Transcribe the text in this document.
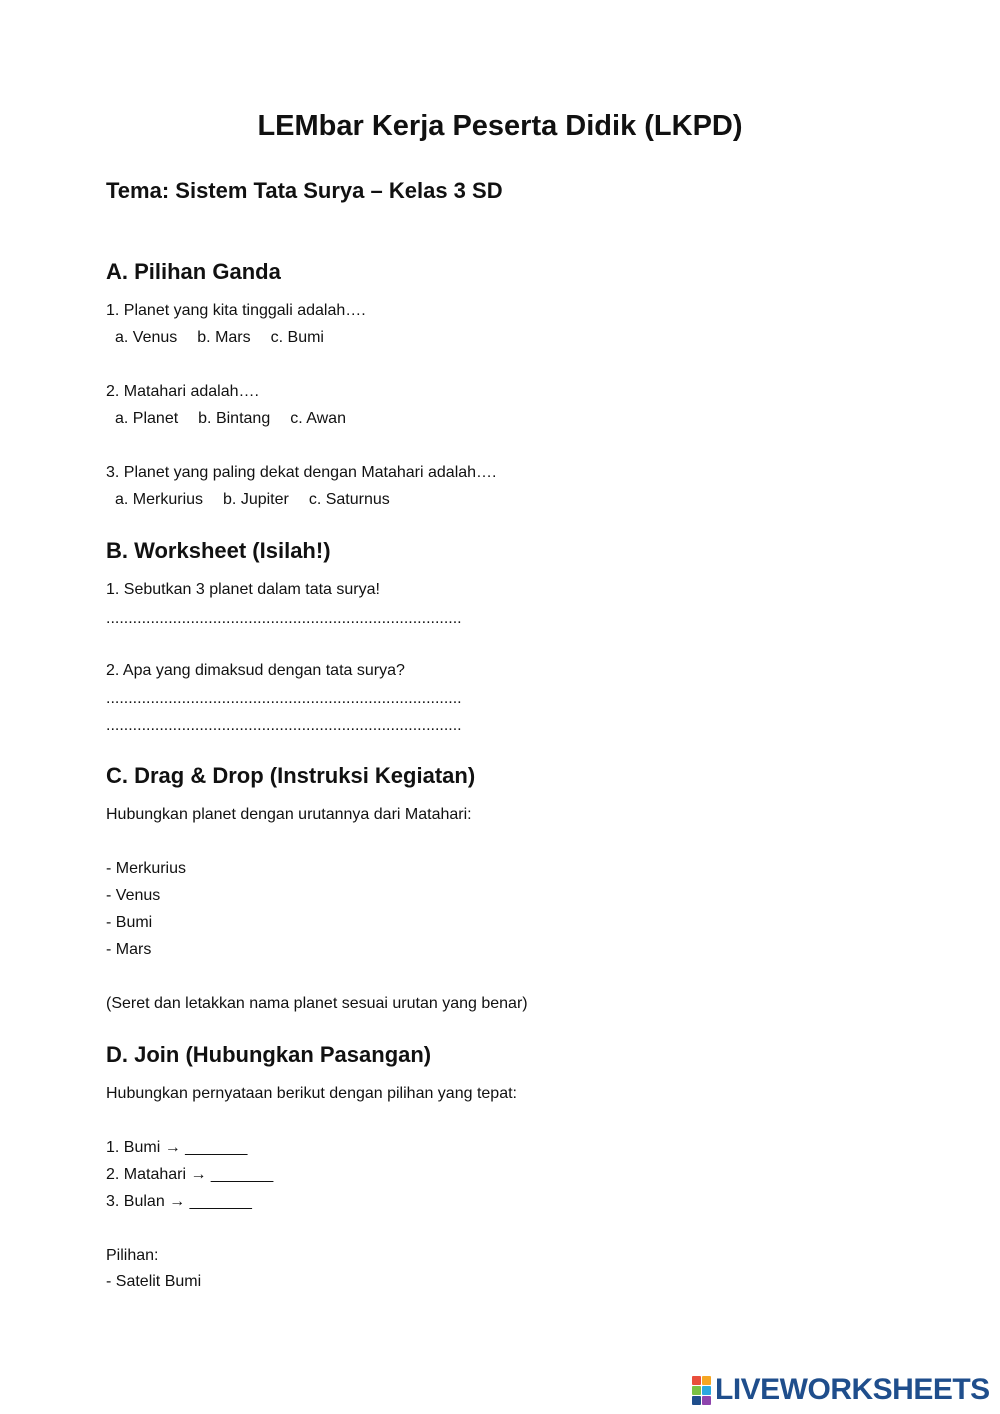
LEMbar Kerja Peserta Didik (LKPD)
Tema: Sistem Tata Surya – Kelas 3 SD
A. Pilihan Ganda
1. Planet yang kita tinggali adalah….
a. Venus b. Mars c. Bumi
2. Matahari adalah….
a. Planet b. Bintang c. Awan
3. Planet yang paling dekat dengan Matahari adalah….
a. Merkurius b. Jupiter c. Saturnus
B. Worksheet (Isilah!)
1. Sebutkan 3 planet dalam tata surya!
................................................................................
2. Apa yang dimaksud dengan tata surya?
................................................................................
................................................................................
C. Drag & Drop (Instruksi Kegiatan)
Hubungkan planet dengan urutannya dari Matahari:
- Merkurius
- Venus
- Bumi
- Mars
(Seret dan letakkan nama planet sesuai urutan yang benar)
D. Join (Hubungkan Pasangan)
Hubungkan pernyataan berikut dengan pilihan yang tepat:
1. Bumi → _______
2. Matahari → _______
3. Bulan → _______
Pilihan:
- Satelit Bumi
LIVEWORKSHEETS
